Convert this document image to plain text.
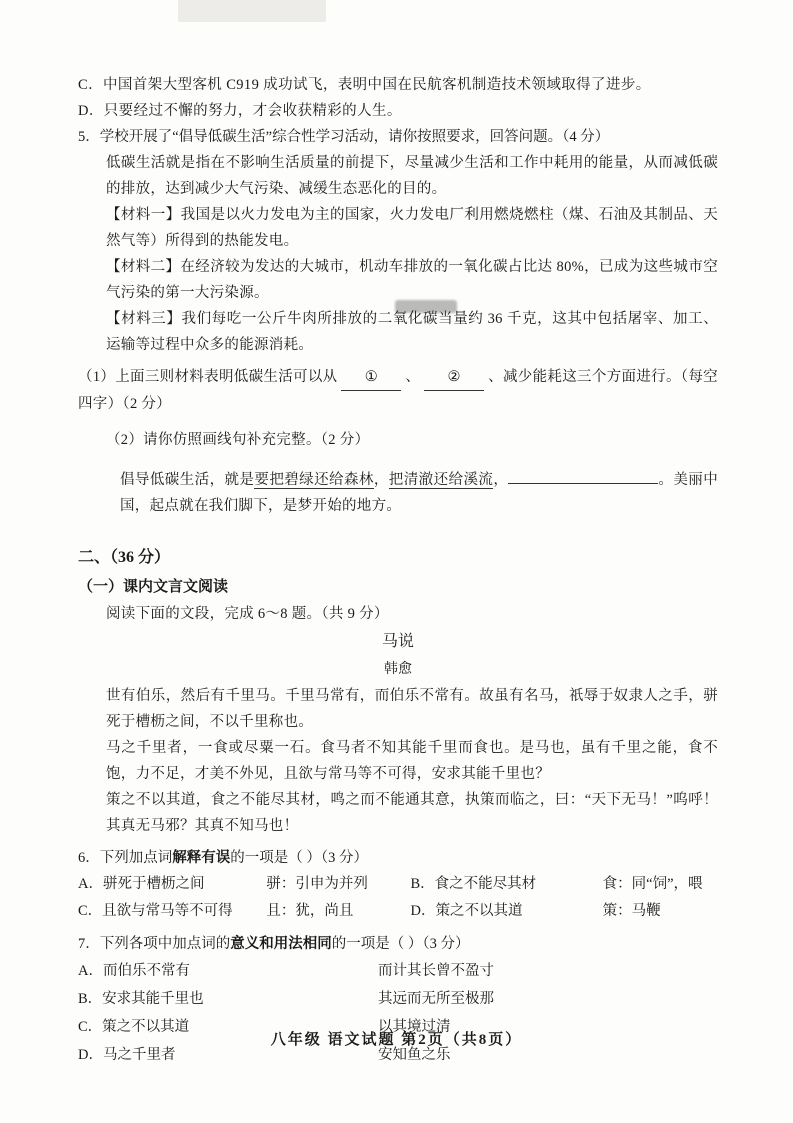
C．中国首架大型客机 C919 成功试飞，表明中国在民航客机制造技术领域取得了进步。

D．只要经过不懈的努力，才会收获精彩的人生。

5．学校开展了“倡导低碳生活”综合性学习活动，请你按照要求，回答问题。（4 分）

低碳生活就是指在不影响生活质量的前提下，尽量减少生活和工作中耗用的能量，从而减低碳的排放，达到减少大气污染、减缓生态恶化的目的。

【材料一】我国是以火力发电为主的国家，火力发电厂利用燃烧燃柱（煤、石油及其制品、天然气等）所得到的热能发电。

【材料二】在经济较为发达的大城市，机动车排放的一氧化碳占比达 80%，已成为这些城市空气污染的第一大污染源。

【材料三】我们每吃一公斤牛肉所排放的二氧化碳当量约 36 千克，这其中包括屠宰、加工、运输等过程中众多的能源消耗。

（1）上面三则材料表明低碳生活可以从 ① 、 ② 、减少能耗这三个方面进行。（每空四字）（2 分）

（2）请你仿照画线句补充完整。（2 分）

倡导低碳生活，就是要把碧绿还给森林，把清澈还给溪流，	。美丽中国，起点就在我们脚下，是梦开始的地方。

二、（36 分）

（一）课内文言文阅读

阅读下面的文段，完成 6～8 题。（共 9 分）

马说

韩愈

世有伯乐，然后有千里马。千里马常有，而伯乐不常有。故虽有名马，祇辱于奴隶人之手，骈死于槽枥之间，不以千里称也。

马之千里者，一食或尽粟一石。食马者不知其能千里而食也。是马也，虽有千里之能，食不饱，力不足，才美不外见，且欲与常马等不可得，安求其能千里也？

策之不以其道，食之不能尽其材，鸣之而不能通其意，执策而临之，曰：“天下无马！”呜呼！其真无马邪？其真不知马也！

6．下列加点词解释有误的一项是（ ）（3 分）

A．骈死于槽枥之间	骈：引申为并列	B．食之不能尽其材	食：同“饲”，喂
C．且欲与常马等不可得	且：犹，尚且	D．策之不以其道	策：马鞭

7．下列各项中加点词的意义和用法相同的一项是（ ）（3 分）

A．而伯乐不常有	而计其长曾不盈寸
B．安求其能千里也	其远而无所至极那
C．策之不以其道	以其境过清
D．马之千里者	安知鱼之乐
八年级 语文试题 第2页（共8页）
